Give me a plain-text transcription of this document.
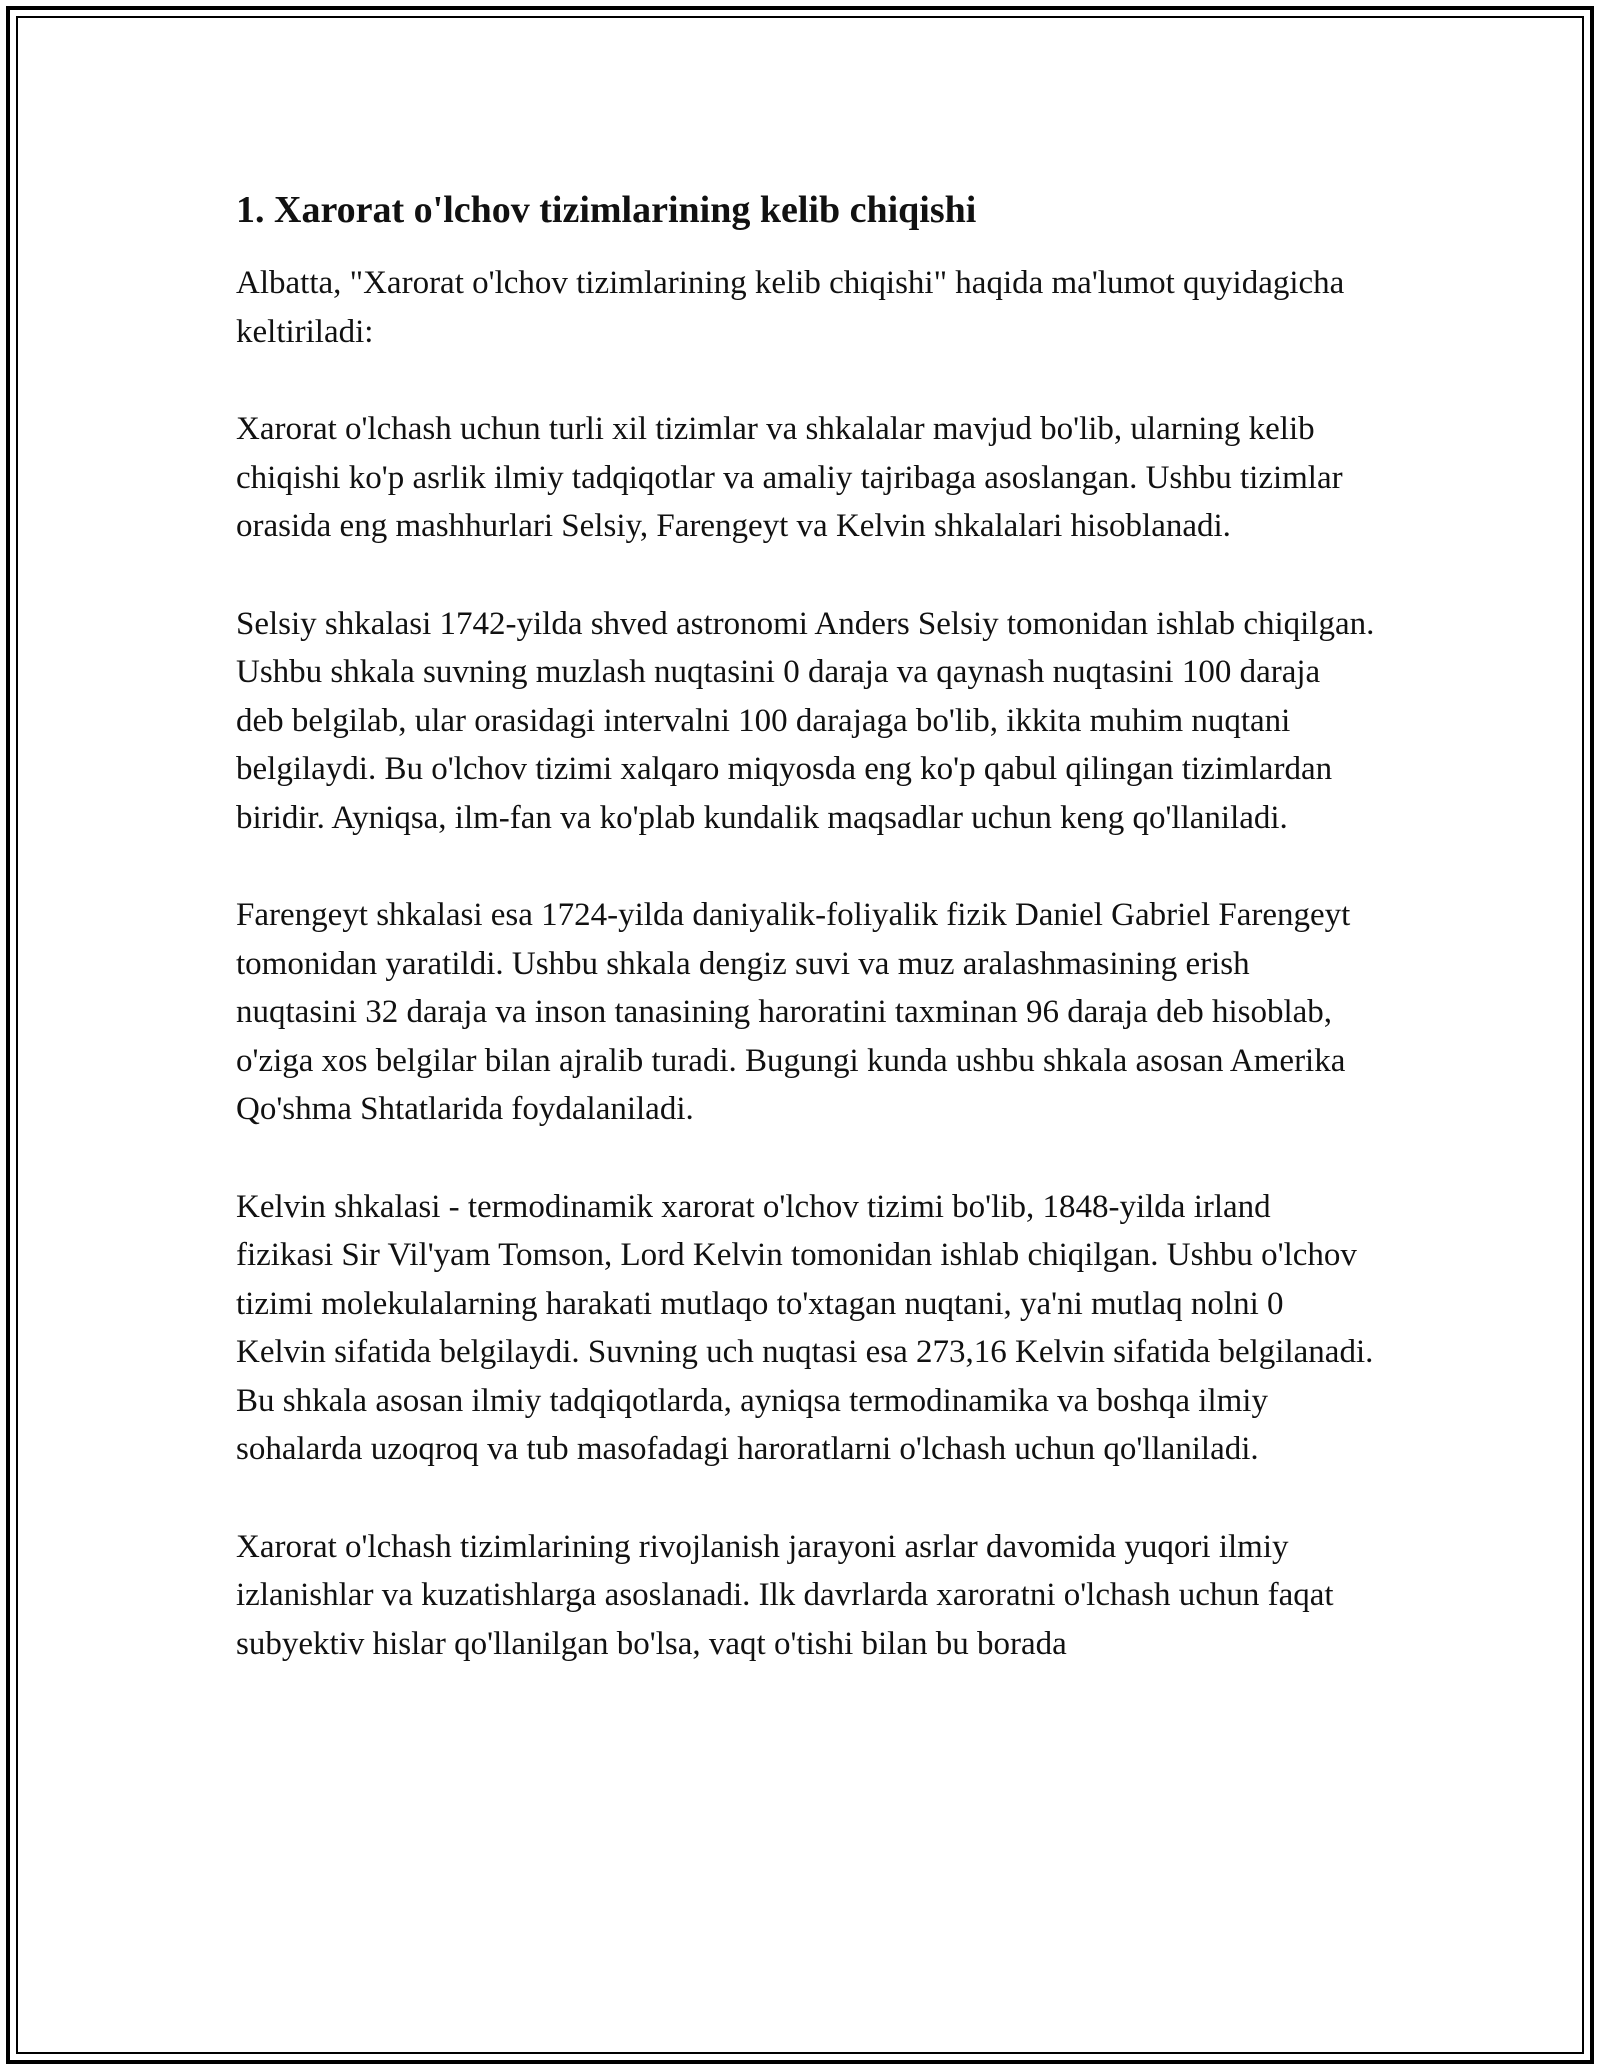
1. Xarorat o'lchov tizimlarining kelib chiqishi

Albatta, "Xarorat o'lchov tizimlarining kelib chiqishi" haqida ma'lumot quyidagicha keltiriladi:

Xarorat o'lchash uchun turli xil tizimlar va shkalalar mavjud bo'lib, ularning kelib chiqishi ko'p asrlik ilmiy tadqiqotlar va amaliy tajribaga asoslangan. Ushbu tizimlar orasida eng mashhurlari Selsiy, Farengeyt va Kelvin shkalalari hisoblanadi.

Selsiy shkalasi 1742-yilda shved astronomi Anders Selsiy tomonidan ishlab chiqilgan. Ushbu shkala suvning muzlash nuqtasini 0 daraja va qaynash nuqtasini 100 daraja deb belgilab, ular orasidagi intervalni 100 darajaga bo'lib, ikkita muhim nuqtani belgilaydi. Bu o'lchov tizimi xalqaro miqyosda eng ko'p qabul qilingan tizimlardan biridir. Ayniqsa, ilm-fan va ko'plab kundalik maqsadlar uchun keng qo'llaniladi.

Farengeyt shkalasi esa 1724-yilda daniyalik-foliyalik fizik Daniel Gabriel Farengeyt tomonidan yaratildi. Ushbu shkala dengiz suvi va muz aralashmasining erish nuqtasini 32 daraja va inson tanasining haroratini taxminan 96 daraja deb hisoblab, o'ziga xos belgilar bilan ajralib turadi. Bugungi kunda ushbu shkala asosan Amerika Qo'shma Shtatlarida foydalaniladi.

Kelvin shkalasi - termodinamik xarorat o'lchov tizimi bo'lib, 1848-yilda irland fizikasi Sir Vil'yam Tomson, Lord Kelvin tomonidan ishlab chiqilgan. Ushbu o'lchov tizimi molekulalarning harakati mutlaqo to'xtagan nuqtani, ya'ni mutlaq nolni 0 Kelvin sifatida belgilaydi. Suvning uch nuqtasi esa 273,16 Kelvin sifatida belgilanadi. Bu shkala asosan ilmiy tadqiqotlarda, ayniqsa termodinamika va boshqa ilmiy sohalarda uzoqroq va tub masofadagi haroratlarni o'lchash uchun qo'llaniladi.

Xarorat o'lchash tizimlarining rivojlanish jarayoni asrlar davomida yuqori ilmiy izlanishlar va kuzatishlarga asoslanadi. Ilk davrlarda xaroratni o'lchash uchun faqat subyektiv hislar qo'llanilgan bo'lsa, vaqt o'tishi bilan bu borada
